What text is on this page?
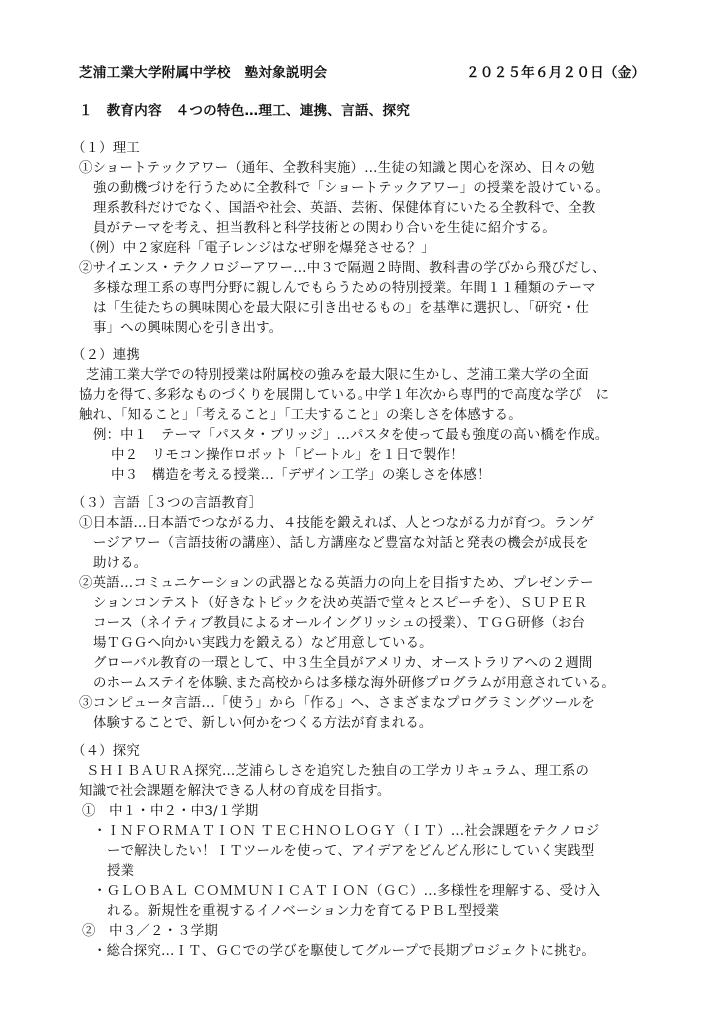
芝浦工業大学附属中学校　塾対象説明会	２０２５年６月２０日（金）
１　教育内容　４つの特色…理工、連携、言語、探究
（１）理工
①ショートテックアワー（通年、全教科実施）…生徒の知識と関心を深め、日々の勉
強の動機づけを行うために全教科で「ショートテックアワー」の授業を設けている。
理系教科だけでなく、国語や社会、英語、芸術、保健体育にいたる全教科で、全教
員がテーマを考え、担当教科と科学技術との関わり合いを生徒に紹介する。
（例）中２家庭科「電子レンジはなぜ卵を爆発させる？」
②サイエンス・テクノロジーアワー…中３で隔週２時間、教科書の学びから飛びだし、
多様な理工系の専門分野に親しんでもらうための特別授業。年間１１種類のテーマ
は「生徒たちの興味関心を最大限に引き出せるもの」を基準に選択し、「研究・仕
事」への興味関心を引き出す。
（２）連携
芝浦工業大学での特別授業は附属校の強みを最大限に生かし、芝浦工業大学の全面
協力を得て､多彩なものづくりを展開している｡中学１年次から専門的で高度な学び　に
触れ、「知ること」「考えること」「工夫すること」の楽しさを体感する。
例：中１　テーマ「パスタ・ブリッジ」…パスタを使って最も強度の高い橋を作成。
中２　リモコン操作ロボット「ビートル」を１日で製作！
中３　構造を考える授業…「デザイン工学」の楽しさを体感！
（３）言語［３つの言語教育］
①日本語…日本語でつながる力、４技能を鍛えれば、人とつながる力が育つ。ランゲ
ージアワー（言語技術の講座）、話し方講座など豊富な対話と発表の機会が成長を
助ける。
②英語…コミュニケーションの武器となる英語力の向上を目指すため、プレゼンテー
ションコンテスト（好きなトピックを決め英語で堂々とスピーチを）、ＳＵＰＥＲ
コース（ネイティブ教員によるオールイングリッシュの授業）、ＴＧＧ研修（お台
場ＴＧＧへ向かい実践力を鍛える）など用意している。
グローバル教育の一環として、中３生全員がアメリカ、オーストラリアへの２週間
のホームステイを体験､また高校からは多様な海外研修プログラムが用意されている。
③コンピュータ言語…「使う」から「作る」へ、さまざまなプログラミングツールを
体験することで、新しい何かをつくる方法が育まれる。
（４）探究
ＳＨＩＢＡＵＲＡ探究…芝浦らしさを追究した独自の工学カリキュラム、理工系の
知識で社会課題を解決できる人材の育成を目指す。
①　中１・中２・中3/１学期
・ＩＮＦＯＲＭＡＴＩＯＮ ＴＥＣＨＮＯＬＯＧＹ（ＩＴ）…社会課題をテクノロジ
ーで解決したい！ＩＴツールを使って、アイデアをどんどん形にしていく実践型
授業
・ＧＬＯＢＡＬ ＣＯＭＭＵＮＩＣＡＴＩＯＮ（ＧＣ）…多様性を理解する、受け入
れる。新規性を重視するイノベーション力を育てるＰＢＬ型授業
②　中３／２・３学期
・総合探究…ＩＴ、ＧＣでの学びを駆使してグループで長期プロジェクトに挑む。
